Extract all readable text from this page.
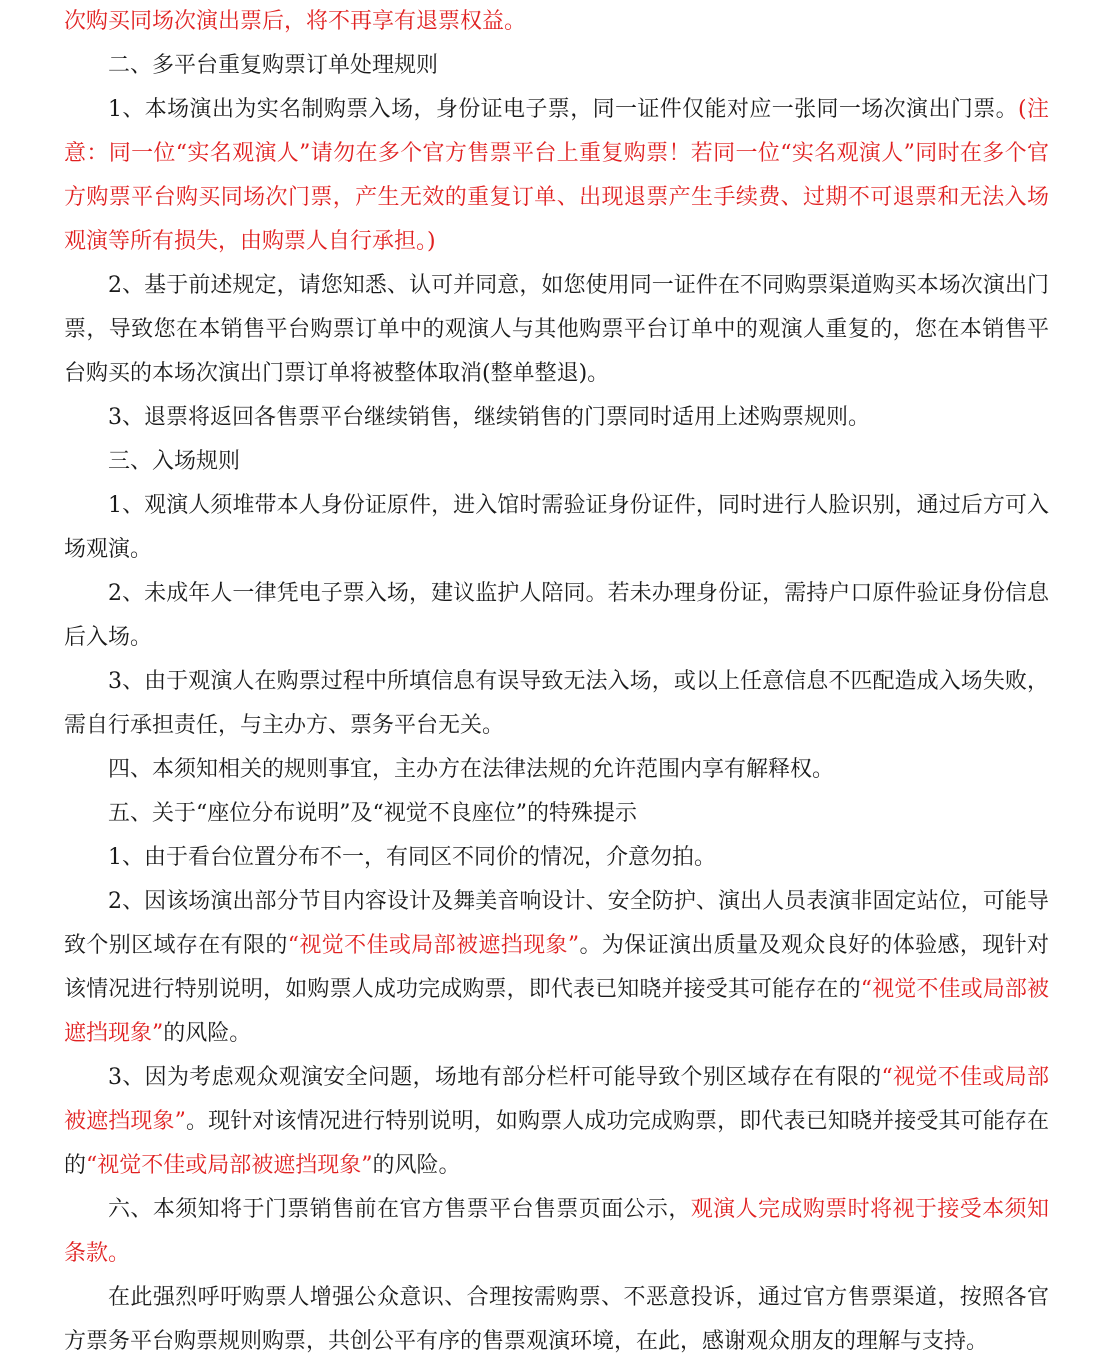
次购买同场次演出票后，将不再享有退票权益。

二、多平台重复购票订单处理规则

1、本场演出为实名制购票入场，身份证电子票，同一证件仅能对应一张同一场次演出门票。(注意：同一位“实名观演人”请勿在多个官方售票平台上重复购票！若同一位“实名观演人”同时在多个官方购票平台购买同场次门票，产生无效的重复订单、出现退票产生手续费、过期不可退票和无法入场观演等所有损失，由购票人自行承担。)

2、基于前述规定，请您知悉、认可并同意，如您使用同一证件在不同购票渠道购买本场次演出门票，导致您在本销售平台购票订单中的观演人与其他购票平台订单中的观演人重复的，您在本销售平台购买的本场次演出门票订单将被整体取消(整单整退)。

3、退票将返回各售票平台继续销售，继续销售的门票同时适用上述购票规则。

三、入场规则

1、观演人须堆带本人身份证原件，进入馆时需验证身份证件，同时进行人脸识别，通过后方可入场观演。

2、未成年人一律凭电子票入场，建议监护人陪同。若未办理身份证，需持户口原件验证身份信息后入场。

3、由于观演人在购票过程中所填信息有误导致无法入场，或以上任意信息不匹配造成入场失败，需自行承担责任，与主办方、票务平台无关。

四、本须知相关的规则事宜，主办方在法律法规的允许范围内享有解释权。

五、关于“座位分布说明”及“视觉不良座位”的特殊提示

1、由于看台位置分布不一，有同区不同价的情况，介意勿拍。

2、因该场演出部分节目内容设计及舞美音响设计、安全防护、演出人员表演非固定站位，可能导致个别区域存在有限的“视觉不佳或局部被遮挡现象”。为保证演出质量及观众良好的体验感，现针对该情况进行特别说明，如购票人成功完成购票，即代表已知晓并接受其可能存在的“视觉不佳或局部被遮挡现象”的风险。

3、因为考虑观众观演安全问题，场地有部分栏杆可能导致个别区域存在有限的“视觉不佳或局部被遮挡现象”。现针对该情况进行特别说明，如购票人成功完成购票，即代表已知晓并接受其可能存在的“视觉不佳或局部被遮挡现象”的风险。

六、本须知将于门票销售前在官方售票平台售票页面公示，观演人完成购票时将视于接受本须知条款。

在此强烈呼吁购票人增强公众意识、合理按需购票、不恶意投诉，通过官方售票渠道，按照各官方票务平台购票规则购票，共创公平有序的售票观演环境，在此，感谢观众朋友的理解与支持。
